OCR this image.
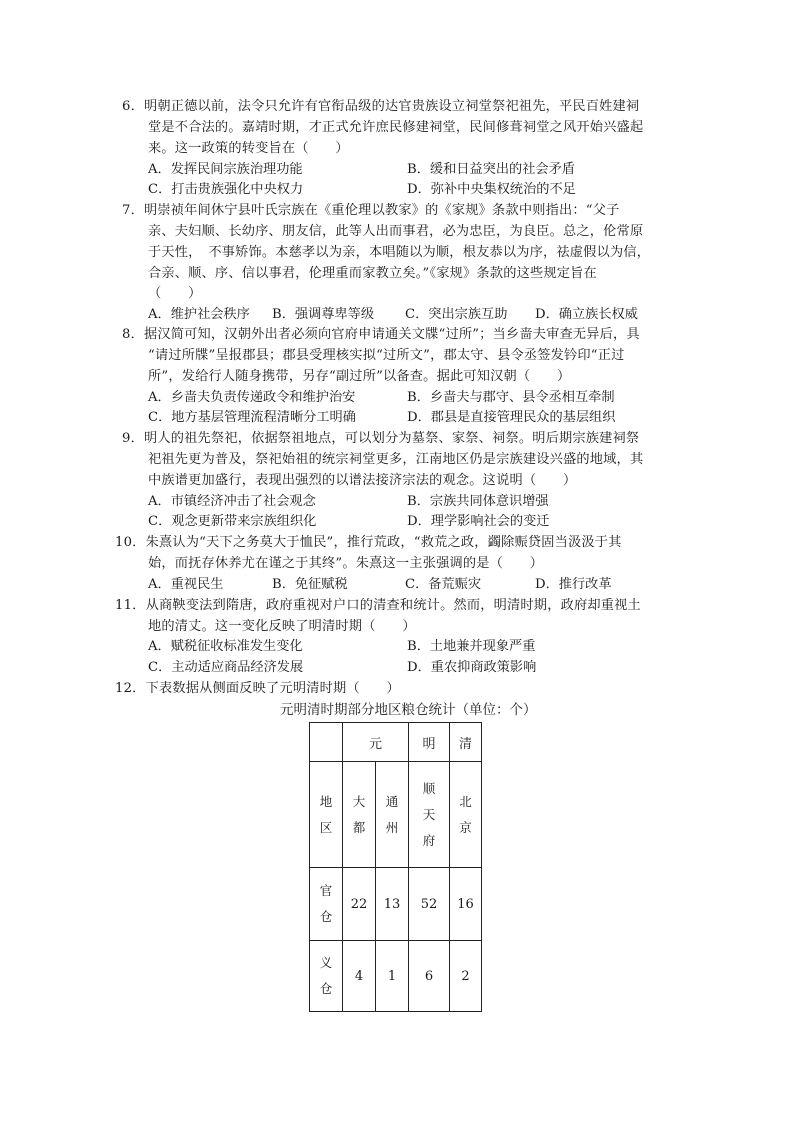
6．明朝正德以前，法令只允许有官衔品级的达官贵族设立祠堂祭祀祖先，平民百姓建祠
堂是不合法的。嘉靖时期，才正式允许庶民修建祠堂，民间修葺祠堂之风开始兴盛起
来。这一政策的转变旨在（　　）
A．发挥民间宗族治理功能	B．缓和日益突出的社会矛盾
C．打击贵族强化中央权力	D．弥补中央集权统治的不足
7．明崇祯年间休宁县叶氏宗族在《重伦理以教家》的《家规》条款中则指出：“父子
亲、夫妇顺、长幼序、朋友信，此等人出而事君，必为忠臣，为良臣。总之，伦常原
于天性，　不事矫饰。本慈孝以为亲，本唱随以为顺，根友恭以为序，祛虚假以为信，
合亲、顺、序、信以事君，伦理重而家教立矣。”《家规》条款的这些规定旨在
（　　）
A．维护社会秩序 B．强调尊卑等级 C．突出宗族互助 D．确立族长权威
8．据汉简可知，汉朝外出者必须向官府申请通关文牒“过所”；当乡啬夫审查无异后，具
“请过所牒”呈报郡县；郡县受理核实拟“过所文”，郡太守、县令丞签发钤印“正过
所”，发给行人随身携带，另存“副过所”以备查。据此可知汉朝（　　）
A．乡啬夫负责传递政令和维护治安	B．乡啬夫与郡守、县令丞相互牵制
C．地方基层管理流程清晰分工明确	D．郡县是直接管理民众的基层组织
9．明人的祖先祭祀，依据祭祖地点，可以划分为墓祭、家祭、祠祭。明后期宗族建祠祭
祀祖先更为普及，祭祀始祖的统宗祠堂更多，江南地区仍是宗族建设兴盛的地域，其
中族谱更加盛行，表现出强烈的以谱法接济宗法的观念。这说明（　　）
A．市镇经济冲击了社会观念	B．宗族共同体意识增强
C．观念更新带来宗族组织化	D．理学影响社会的变迁
10．朱熹认为“天下之务莫大于恤民”，推行荒政，“救荒之政，蠲除赈贷固当汲汲于其
始，而抚存休养尤在谨之于其终”。朱熹这一主张强调的是（　　）
A．重视民生	B．免征赋税	C．备荒赈灾	D．推行改革
11．从商鞅变法到隋唐，政府重视对户口的清查和统计。然而，明清时期，政府却重视土
地的清丈。这一变化反映了明清时期（　　）
A．赋税征收标准发生变化	B．土地兼并现象严重
C．主动适应商品经济发展	D．重农抑商政策影响
12．下表数据从侧面反映了元明清时期（　　）
元明清时期部分地区粮仓统计（单位：个）
	元		明	清
地区	大都	通州	顺天府	北京
官仓	22	13	52	16
义仓	4	1	6	2
